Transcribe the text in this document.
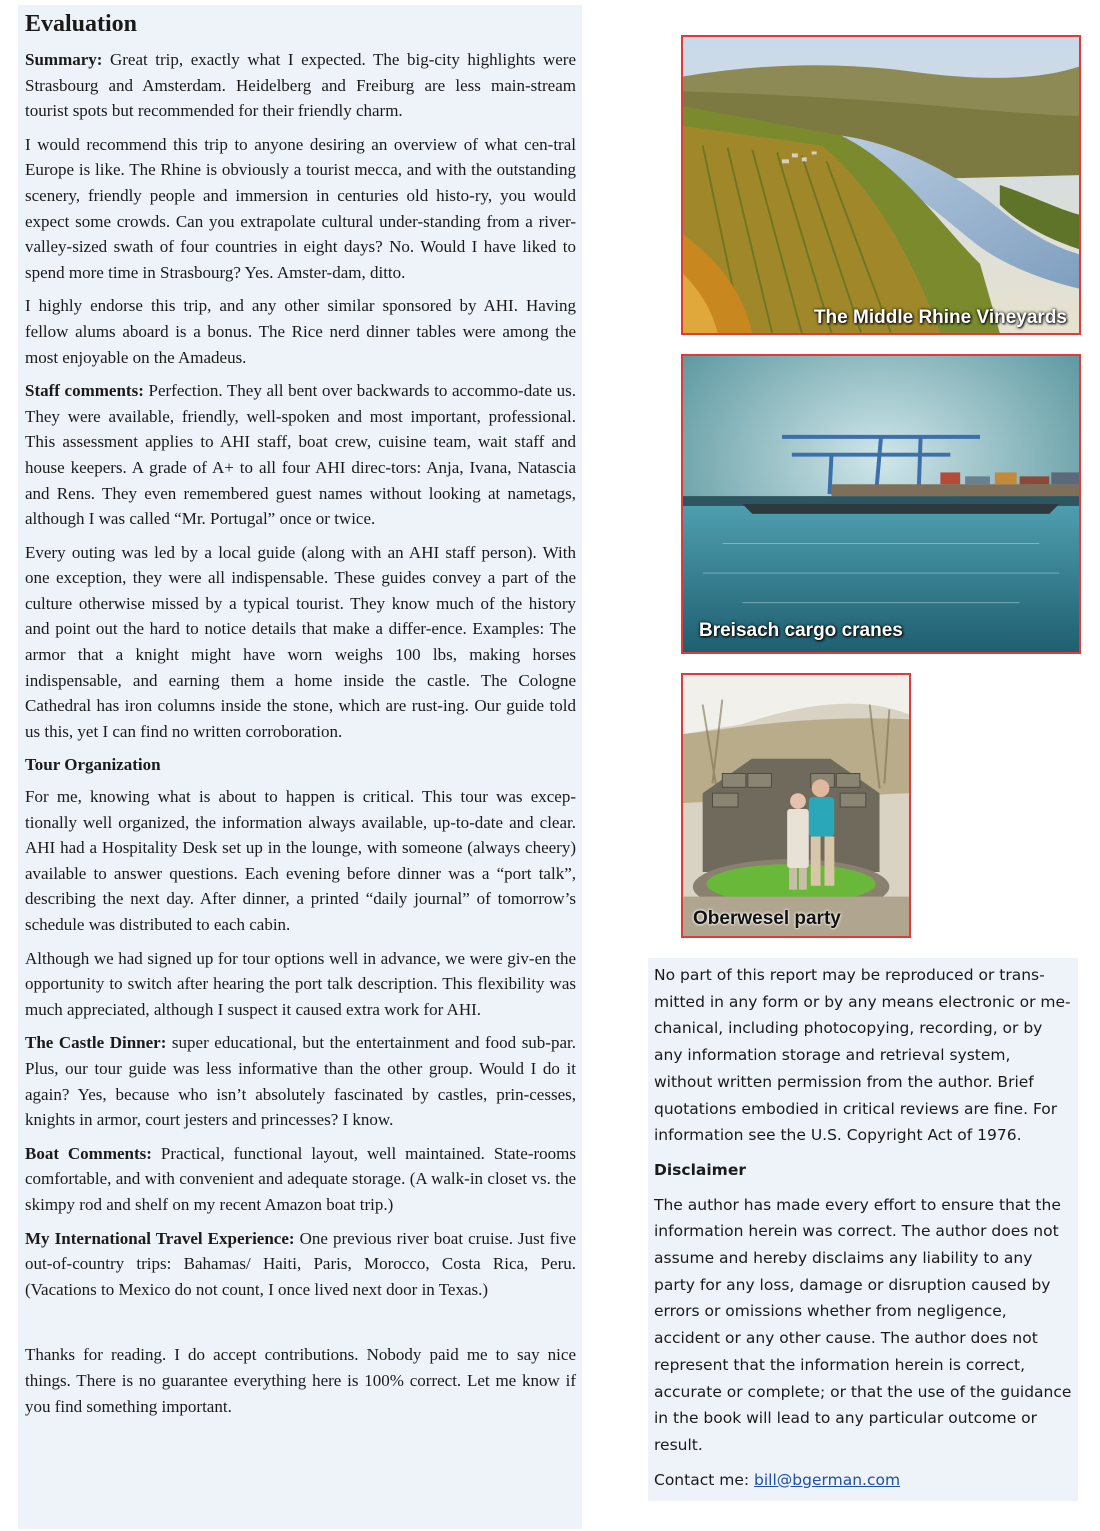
Evaluation

Summary: Great trip, exactly what I expected. The big-city highlights were Strasbourg and Amsterdam. Heidelberg and Freiburg are less main-stream tourist spots but recommended for their friendly charm.

I would recommend this trip to anyone desiring an overview of what cen-tral Europe is like. The Rhine is obviously a tourist mecca, and with the outstanding scenery, friendly people and immersion in centuries old histo-ry, you would expect some crowds. Can you extrapolate cultural under-standing from a river-valley-sized swath of four countries in eight days? No. Would I have liked to spend more time in Strasbourg? Yes. Amster-dam, ditto.

I highly endorse this trip, and any other similar sponsored by AHI. Having fellow alums aboard is a bonus. The Rice nerd dinner tables were among the most enjoyable on the Amadeus.

Staff comments: Perfection. They all bent over backwards to accommo-date us. They were available, friendly, well-spoken and most important, professional. This assessment applies to AHI staff, boat crew, cuisine team, wait staff and house keepers. A grade of A+ to all four AHI direc-tors: Anja, Ivana, Natascia and Rens. They even remembered guest names without looking at nametags, although I was called “Mr. Portugal” once or twice.

Every outing was led by a local guide (along with an AHI staff person). With one exception, they were all indispensable. These guides convey a part of the culture otherwise missed by a typical tourist. They know much of the history and point out the hard to notice details that make a differ-ence. Examples: The armor that a knight might have worn weighs 100 lbs, making horses indispensable, and earning them a home inside the castle. The Cologne Cathedral has iron columns inside the stone, which are rust-ing. Our guide told us this, yet I can find no written corroboration.

Tour Organization

For me, knowing what is about to happen is critical. This tour was excep-tionally well organized, the information always available, up-to-date and clear. AHI had a Hospitality Desk set up in the lounge, with someone (always cheery) available to answer questions. Each evening before dinner was a “port talk”, describing the next day. After dinner, a printed “daily journal” of tomorrow’s schedule was distributed to each cabin.

Although we had signed up for tour options well in advance, we were giv-en the opportunity to switch after hearing the port talk description. This flexibility was much appreciated, although I suspect it caused extra work for AHI.

The Castle Dinner: super educational, but the entertainment and food sub-par. Plus, our tour guide was less informative than the other group. Would I do it again? Yes, because who isn’t absolutely fascinated by castles, prin-cesses, knights in armor, court jesters and princesses? I know.

Boat Comments: Practical, functional layout, well maintained. State-rooms comfortable, and with convenient and adequate storage. (A walk-in closet vs. the skimpy rod and shelf on my recent Amazon boat trip.)

My International Travel Experience: One previous river boat cruise. Just five out-of-country trips: Bahamas/ Haiti, Paris, Morocco, Costa Rica, Peru. (Vacations to Mexico do not count, I once lived next door in Texas.)

Thanks for reading. I do accept contributions. Nobody paid me to say nice things. There is no guarantee everything here is 100% correct. Let me know if you find something important.

The Middle Rhine Vineyards
Breisach cargo cranes
Oberwesel party

No part of this report may be reproduced or trans-mitted in any form or by any means electronic or me-chanical, including photocopying, recording, or by any information storage and retrieval system, without written permission from the author. Brief quotations embodied in critical reviews are fine. For information see the U.S. Copyright Act of 1976.

Disclaimer

The author has made every effort to ensure that the information herein was correct. The author does not assume and hereby disclaims any liability to any party for any loss, damage or disruption caused by errors or omissions whether from negligence, accident or any other cause. The author does not represent that the information herein is correct, accurate or complete; or that the use of the guidance in the book will lead to any particular outcome or result.

Contact me: bill@bgerman.com
